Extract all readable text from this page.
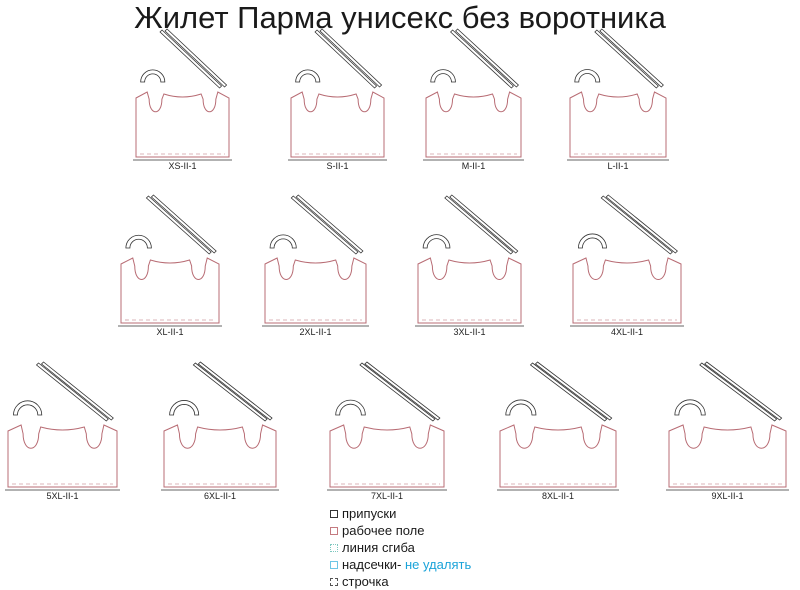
Жилет Парма унисекс без воротника
XS-II-1	S-II-1	M-II-1	L-II-1
XL-II-1	2XL-II-1	3XL-II-1	4XL-II-1
5XL-II-1	6XL-II-1	7XL-II-1	8XL-II-1	9XL-II-1
припуски
рабочее поле
линия сгиба
надсечки- не удалять
строчка
